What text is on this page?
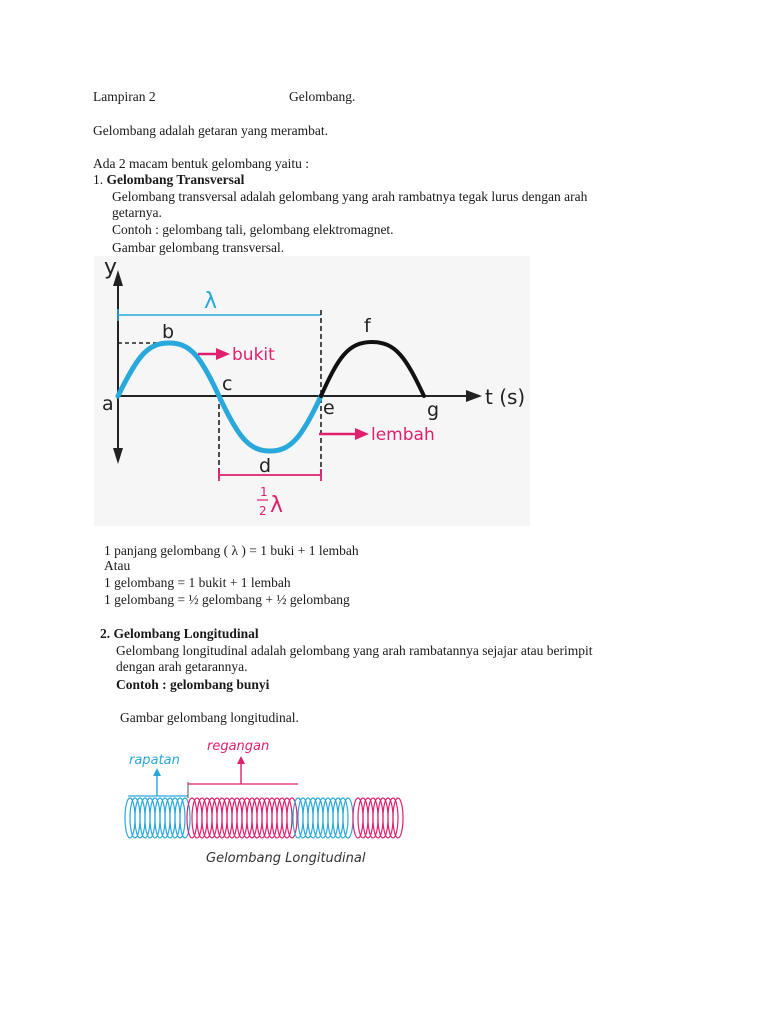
Lampiran 2	Gelombang.
Gelombang adalah getaran yang merambat.
Ada 2 macam bentuk gelombang yaitu :
1. Gelombang Transversal
Gelombang transversal adalah gelombang yang arah rambatnya tegak lurus dengan arah
getarnya.
Contoh : gelombang tali, gelombang elektromagnet.
Gambar gelombang transversal.
y
t (s)
λ
1
2 λ
bukit
lembah
a
b
c
d
e
f
g
1 panjang gelombang ( λ ) = 1 buki + 1 lembah
Atau
1 gelombang = 1 bukit + 1 lembah
1 gelombang = ½ gelombang + ½ gelombang
2. Gelombang Longitudinal
Gelombang longitudinal adalah gelombang yang arah rambatannya sejajar atau berimpit
dengan arah getarannya.
Contoh : gelombang bunyi
Gambar gelombang longitudinal.
rapatan
regangan
Gelombang Longitudinal
